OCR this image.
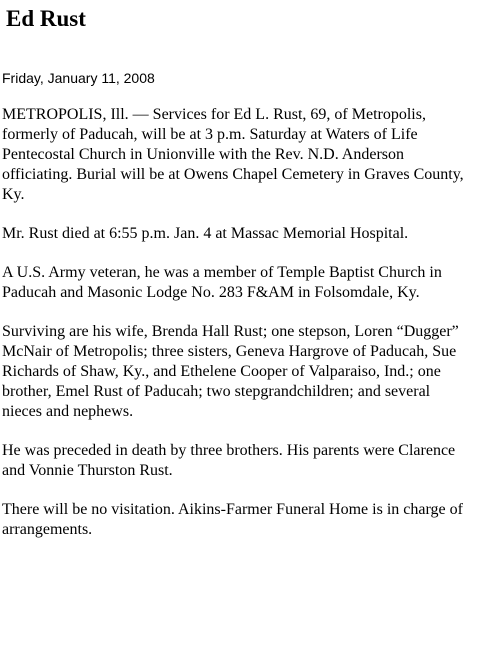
Ed Rust
Friday, January 11, 2008

METROPOLIS, Ill. — Services for Ed L. Rust, 69, of Metropolis, formerly of Paducah, will be at 3 p.m. Saturday at Waters of Life Pentecostal Church in Unionville with the Rev. N.D. Anderson officiating. Burial will be at Owens Chapel Cemetery in Graves County, Ky.

Mr. Rust died at 6:55 p.m. Jan. 4 at Massac Memorial Hospital.

A U.S. Army veteran, he was a member of Temple Baptist Church in Paducah and Masonic Lodge No. 283 F&AM in Folsomdale, Ky.

Surviving are his wife, Brenda Hall Rust; one stepson, Loren “Dugger” McNair of Metropolis; three sisters, Geneva Hargrove of Paducah, Sue Richards of Shaw, Ky., and Ethelene Cooper of Valparaiso, Ind.; one brother, Emel Rust of Paducah; two stepgrandchildren; and several nieces and nephews.

He was preceded in death by three brothers. His parents were Clarence and Vonnie Thurston Rust.

There will be no visitation. Aikins-Farmer Funeral Home is in charge of arrangements.
